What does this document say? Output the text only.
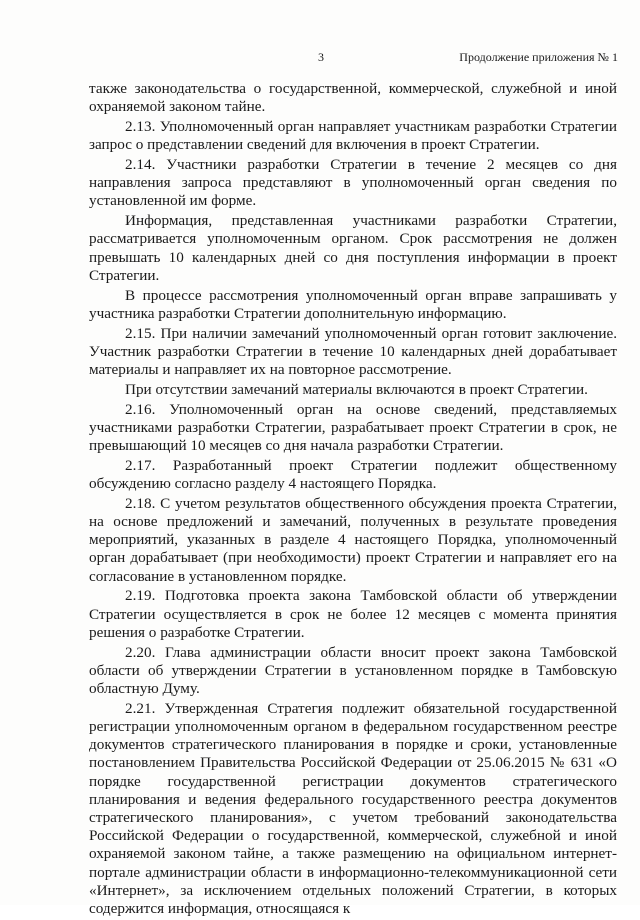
3	Продолжение приложения № 1

также законодательства о государственной, коммерческой, служебной и иной охраняемой законом тайне.

2.13. Уполномоченный орган направляет участникам разработки Стратегии запрос о представлении сведений для включения в проект Стратегии.

2.14. Участники разработки Стратегии в течение 2 месяцев со дня направления запроса представляют в уполномоченный орган сведения по установленной им форме.

Информация, представленная участниками разработки Стратегии, рассматривается уполномоченным органом. Срок рассмотрения не должен превышать 10 календарных дней со дня поступления информации в проект Стратегии.

В процессе рассмотрения уполномоченный орган вправе запрашивать у участника разработки Стратегии дополнительную информацию.

2.15. При наличии замечаний уполномоченный орган готовит заключение. Участник разработки Стратегии в течение 10 календарных дней дорабатывает материалы и направляет их на повторное рассмотрение.

При отсутствии замечаний материалы включаются в проект Стратегии.

2.16. Уполномоченный орган на основе сведений, представляемых участниками разработки Стратегии, разрабатывает проект Стратегии в срок, не превышающий 10 месяцев со дня начала разработки Стратегии.

2.17. Разработанный проект Стратегии подлежит общественному обсуждению согласно разделу 4 настоящего Порядка.

2.18. С учетом результатов общественного обсуждения проекта Стратегии, на основе предложений и замечаний, полученных в результате проведения мероприятий, указанных в разделе 4 настоящего Порядка, уполномоченный орган дорабатывает (при необходимости) проект Стратегии и направляет его на согласование в установленном порядке.

2.19. Подготовка проекта закона Тамбовской области об утверждении Стратегии осуществляется в срок не более 12 месяцев с момента принятия решения о разработке Стратегии.

2.20. Глава администрации области вносит проект закона Тамбовской области об утверждении Стратегии в установленном порядке в Тамбовскую областную Думу.

2.21. Утвержденная Стратегия подлежит обязательной государственной регистрации уполномоченным органом в федеральном государственном реестре документов стратегического планирования в порядке и сроки, установленные постановлением Правительства Российской Федерации от 25.06.2015 № 631 «О порядке государственной регистрации документов стратегического планирования и ведения федерального государственного реестра документов стратегического планирования», с учетом требований законодательства Российской Федерации о государственной, коммерческой, служебной и иной охраняемой законом тайне, а также размещению на официальном интернет-портале администрации области в информационно-телекоммуникационной сети «Интернет», за исключением отдельных положений Стратегии, в которых содержится информация, относящаяся к
